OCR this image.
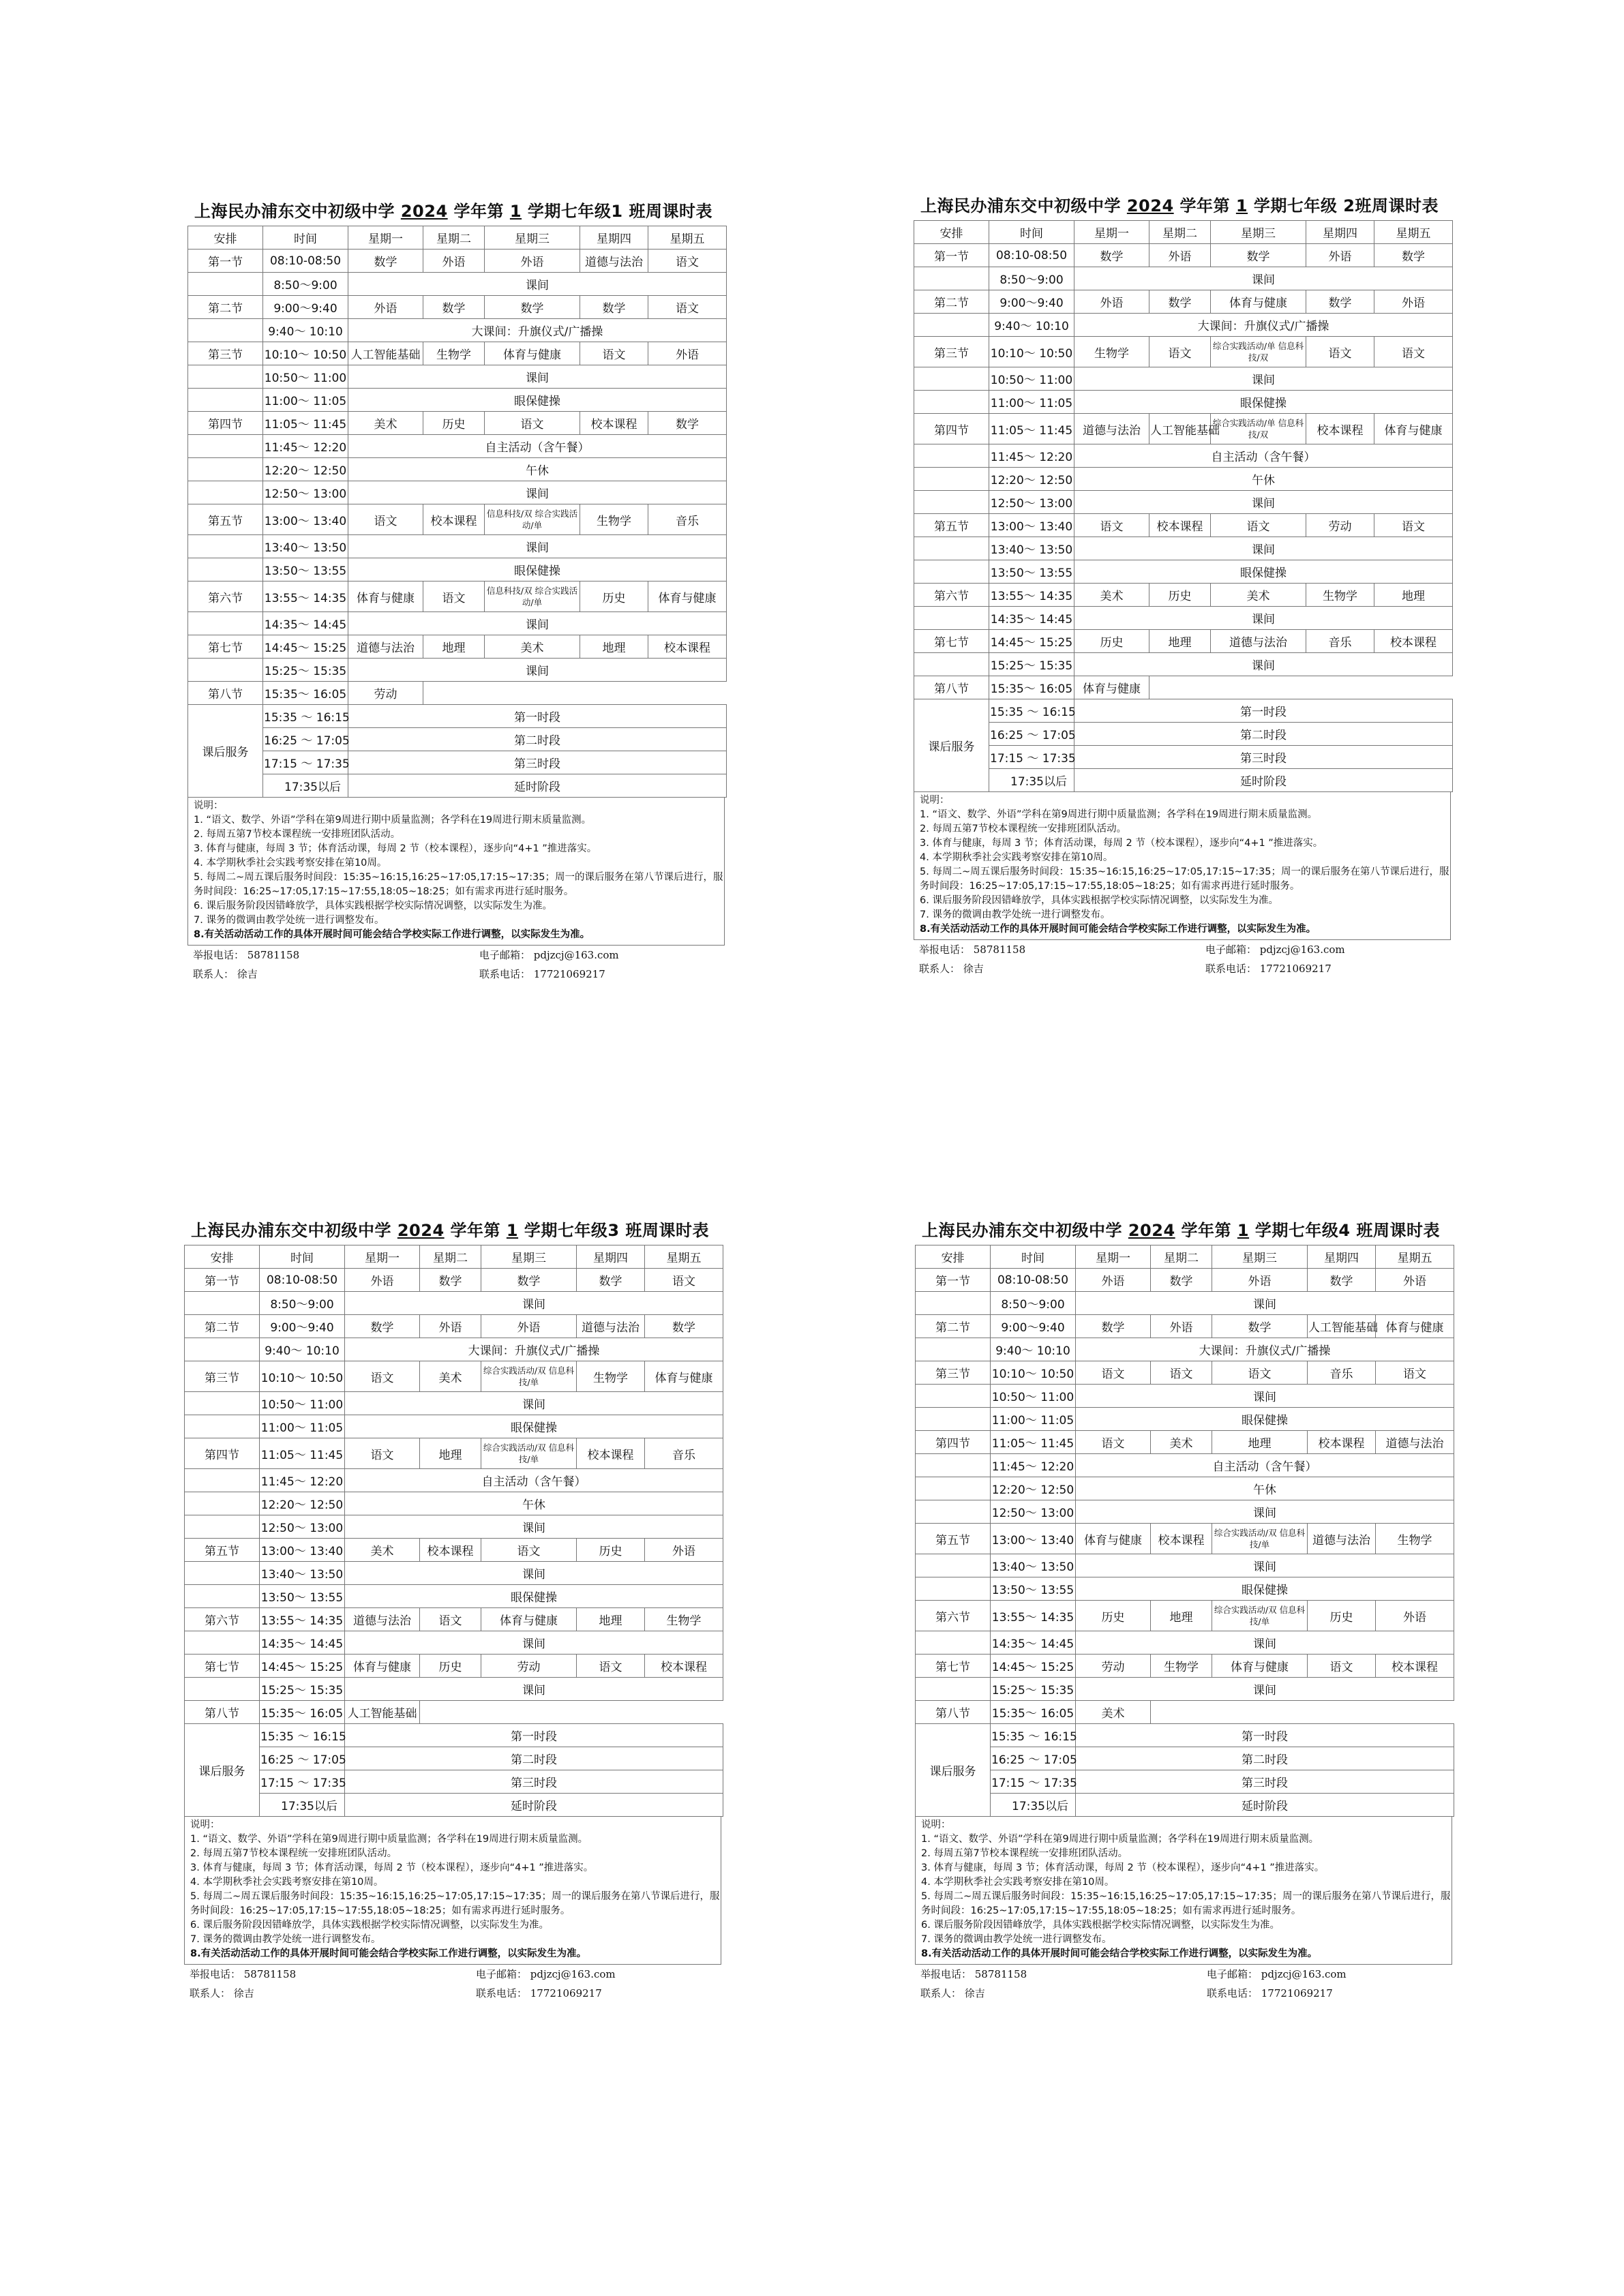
上海民办浦东交中初级中学 2024 学年第 1 学期七年级1 班周课时表
安排	时间	星期一	星期二	星期三	星期四	星期五
第一节	08:10-08:50	数学	外语	外语	道德与法治	语文
	8:50～9:00	课间				
第二节	9:00～9:40	外语	数学	数学	数学	语文
	9:40～ 10:10	大课间：升旗仪式/广播操				
第三节	10:10～ 10:50	人工智能基础	生物学	体育与健康	语文	外语
	10:50～ 11:00	课间				
	11:00～ 11:05	眼保健操				
第四节	11:05～ 11:45	美术	历史	语文	校本课程	数学
	11:45～ 12:20	自主活动（含午餐）				
	12:20～ 12:50	午休				
	12:50～ 13:00	课间				
第五节	13:00～ 13:40	语文	校本课程	信息科技/双 综合实践活动/单	生物学	音乐
	13:40～ 13:50	课间				
	13:50～ 13:55	眼保健操				
第六节	13:55～ 14:35	体育与健康	语文	信息科技/双 综合实践活动/单	历史	体育与健康
	14:35～ 14:45	课间				
第七节	14:45～ 15:25	道德与法治	地理	美术	地理	校本课程
	15:25～ 15:35	课间				
第八节	15:35～ 16:05	劳动				
课后服务	15:35 ～ 16:15	第一时段				
	16:25 ～ 17:05	第二时段				
	17:15 ～ 17:35	第三时段				
	17:35以后	延时阶段				
说明：
1. “语文、数学、外语”学科在第9周进行期中质量监测；各学科在19周进行期末质量监测。
2. 每周五第7节校本课程统一安排班团队活动。
3. 体育与健康，每周 3 节；体育活动课，每周 2 节（校本课程），逐步向“4+1 ”推进落实。
4. 本学期秋季社会实践考察安排在第10周。
5. 每周二~周五课后服务时间段：15:35~16:15,16:25~17:05,17:15~17:35；周一的课后服务在第八节课后进行，服务时间段：16:25~17:05,17:15~17:55,18:05~18:25；如有需求再进行延时服务。
6. 课后服务阶段因错峰放学，具体实践根据学校实际情况调整，以实际发生为准。
7. 课务的微调由教学处统一进行调整发布。
8.有关活动活动工作的具体开展时间可能会结合学校实际工作进行调整，以实际发生为准。
举报电话： 58781158	电子邮箱： pdjzcj@163.com
联系人： 徐吉	联系电话： 17721069217
上海民办浦东交中初级中学 2024 学年第 1 学期七年级 2班周课时表
安排	时间	星期一	星期二	星期三	星期四	星期五
第一节	08:10-08:50	数学	外语	数学	外语	数学
	8:50～9:00	课间				
第二节	9:00～9:40	外语	数学	体育与健康	数学	外语
	9:40～ 10:10	大课间：升旗仪式/广播操				
第三节	10:10～ 10:50	生物学	语文	综合实践活动/单 信息科技/双	语文	语文
	10:50～ 11:00	课间				
	11:00～ 11:05	眼保健操				
第四节	11:05～ 11:45	道德与法治	人工智能基础	综合实践活动/单 信息科技/双	校本课程	体育与健康
	11:45～ 12:20	自主活动（含午餐）				
	12:20～ 12:50	午休				
	12:50～ 13:00	课间				
第五节	13:00～ 13:40	语文	校本课程	语文	劳动	语文
	13:40～ 13:50	课间				
	13:50～ 13:55	眼保健操				
第六节	13:55～ 14:35	美术	历史	美术	生物学	地理
	14:35～ 14:45	课间				
第七节	14:45～ 15:25	历史	地理	道德与法治	音乐	校本课程
	15:25～ 15:35	课间				
第八节	15:35～ 16:05	体育与健康				
课后服务	15:35 ～ 16:15	第一时段				
	16:25 ～ 17:05	第二时段				
	17:15 ～ 17:35	第三时段				
	17:35以后	延时阶段				
说明：
1. “语文、数学、外语”学科在第9周进行期中质量监测；各学科在19周进行期末质量监测。
2. 每周五第7节校本课程统一安排班团队活动。
3. 体育与健康，每周 3 节；体育活动课，每周 2 节（校本课程），逐步向“4+1 ”推进落实。
4. 本学期秋季社会实践考察安排在第10周。
5. 每周二~周五课后服务时间段：15:35~16:15,16:25~17:05,17:15~17:35；周一的课后服务在第八节课后进行，服务时间段：16:25~17:05,17:15~17:55,18:05~18:25；如有需求再进行延时服务。
6. 课后服务阶段因错峰放学，具体实践根据学校实际情况调整，以实际发生为准。
7. 课务的微调由教学处统一进行调整发布。
8.有关活动活动工作的具体开展时间可能会结合学校实际工作进行调整，以实际发生为准。
举报电话： 58781158	电子邮箱： pdjzcj@163.com
联系人： 徐吉	联系电话： 17721069217
上海民办浦东交中初级中学 2024 学年第 1 学期七年级3 班周课时表
安排	时间	星期一	星期二	星期三	星期四	星期五
第一节	08:10-08:50	外语	数学	数学	数学	语文
	8:50～9:00	课间				
第二节	9:00～9:40	数学	外语	外语	道德与法治	数学
	9:40～ 10:10	大课间：升旗仪式/广播操				
第三节	10:10～ 10:50	语文	美术	综合实践活动/双 信息科技/单	生物学	体育与健康
	10:50～ 11:00	课间				
	11:00～ 11:05	眼保健操				
第四节	11:05～ 11:45	语文	地理	综合实践活动/双 信息科技/单	校本课程	音乐
	11:45～ 12:20	自主活动（含午餐）				
	12:20～ 12:50	午休				
	12:50～ 13:00	课间				
第五节	13:00～ 13:40	美术	校本课程	语文	历史	外语
	13:40～ 13:50	课间				
	13:50～ 13:55	眼保健操				
第六节	13:55～ 14:35	道德与法治	语文	体育与健康	地理	生物学
	14:35～ 14:45	课间				
第七节	14:45～ 15:25	体育与健康	历史	劳动	语文	校本课程
	15:25～ 15:35	课间				
第八节	15:35～ 16:05	人工智能基础				
课后服务	15:35 ～ 16:15	第一时段				
	16:25 ～ 17:05	第二时段				
	17:15 ～ 17:35	第三时段				
	17:35以后	延时阶段				
说明：
1. “语文、数学、外语”学科在第9周进行期中质量监测；各学科在19周进行期末质量监测。
2. 每周五第7节校本课程统一安排班团队活动。
3. 体育与健康，每周 3 节；体育活动课，每周 2 节（校本课程），逐步向“4+1 ”推进落实。
4. 本学期秋季社会实践考察安排在第10周。
5. 每周二~周五课后服务时间段：15:35~16:15,16:25~17:05,17:15~17:35；周一的课后服务在第八节课后进行，服务时间段：16:25~17:05,17:15~17:55,18:05~18:25；如有需求再进行延时服务。
6. 课后服务阶段因错峰放学，具体实践根据学校实际情况调整，以实际发生为准。
7. 课务的微调由教学处统一进行调整发布。
8.有关活动活动工作的具体开展时间可能会结合学校实际工作进行调整，以实际发生为准。
举报电话： 58781158	电子邮箱： pdjzcj@163.com
联系人： 徐吉	联系电话： 17721069217
上海民办浦东交中初级中学 2024 学年第 1 学期七年级4 班周课时表
安排	时间	星期一	星期二	星期三	星期四	星期五
第一节	08:10-08:50	外语	数学	外语	数学	外语
	8:50～9:00	课间				
第二节	9:00～9:40	数学	外语	数学	人工智能基础	体育与健康
	9:40～ 10:10	大课间：升旗仪式/广播操				
第三节	10:10～ 10:50	语文	语文	语文	音乐	语文
	10:50～ 11:00	课间				
	11:00～ 11:05	眼保健操				
第四节	11:05～ 11:45	语文	美术	地理	校本课程	道德与法治
	11:45～ 12:20	自主活动（含午餐）				
	12:20～ 12:50	午休				
	12:50～ 13:00	课间				
第五节	13:00～ 13:40	体育与健康	校本课程	综合实践活动/双 信息科技/单	道德与法治	生物学
	13:40～ 13:50	课间				
	13:50～ 13:55	眼保健操				
第六节	13:55～ 14:35	历史	地理	综合实践活动/双 信息科技/单	历史	外语
	14:35～ 14:45	课间				
第七节	14:45～ 15:25	劳动	生物学	体育与健康	语文	校本课程
	15:25～ 15:35	课间				
第八节	15:35～ 16:05	美术				
课后服务	15:35 ～ 16:15	第一时段				
	16:25 ～ 17:05	第二时段				
	17:15 ～ 17:35	第三时段				
	17:35以后	延时阶段				
说明：
1. “语文、数学、外语”学科在第9周进行期中质量监测；各学科在19周进行期末质量监测。
2. 每周五第7节校本课程统一安排班团队活动。
3. 体育与健康，每周 3 节；体育活动课，每周 2 节（校本课程），逐步向“4+1 ”推进落实。
4. 本学期秋季社会实践考察安排在第10周。
5. 每周二~周五课后服务时间段：15:35~16:15,16:25~17:05,17:15~17:35；周一的课后服务在第八节课后进行，服务时间段：16:25~17:05,17:15~17:55,18:05~18:25；如有需求再进行延时服务。
6. 课后服务阶段因错峰放学，具体实践根据学校实际情况调整，以实际发生为准。
7. 课务的微调由教学处统一进行调整发布。
8.有关活动活动工作的具体开展时间可能会结合学校实际工作进行调整，以实际发生为准。
举报电话： 58781158	电子邮箱： pdjzcj@163.com
联系人： 徐吉	联系电话： 17721069217
